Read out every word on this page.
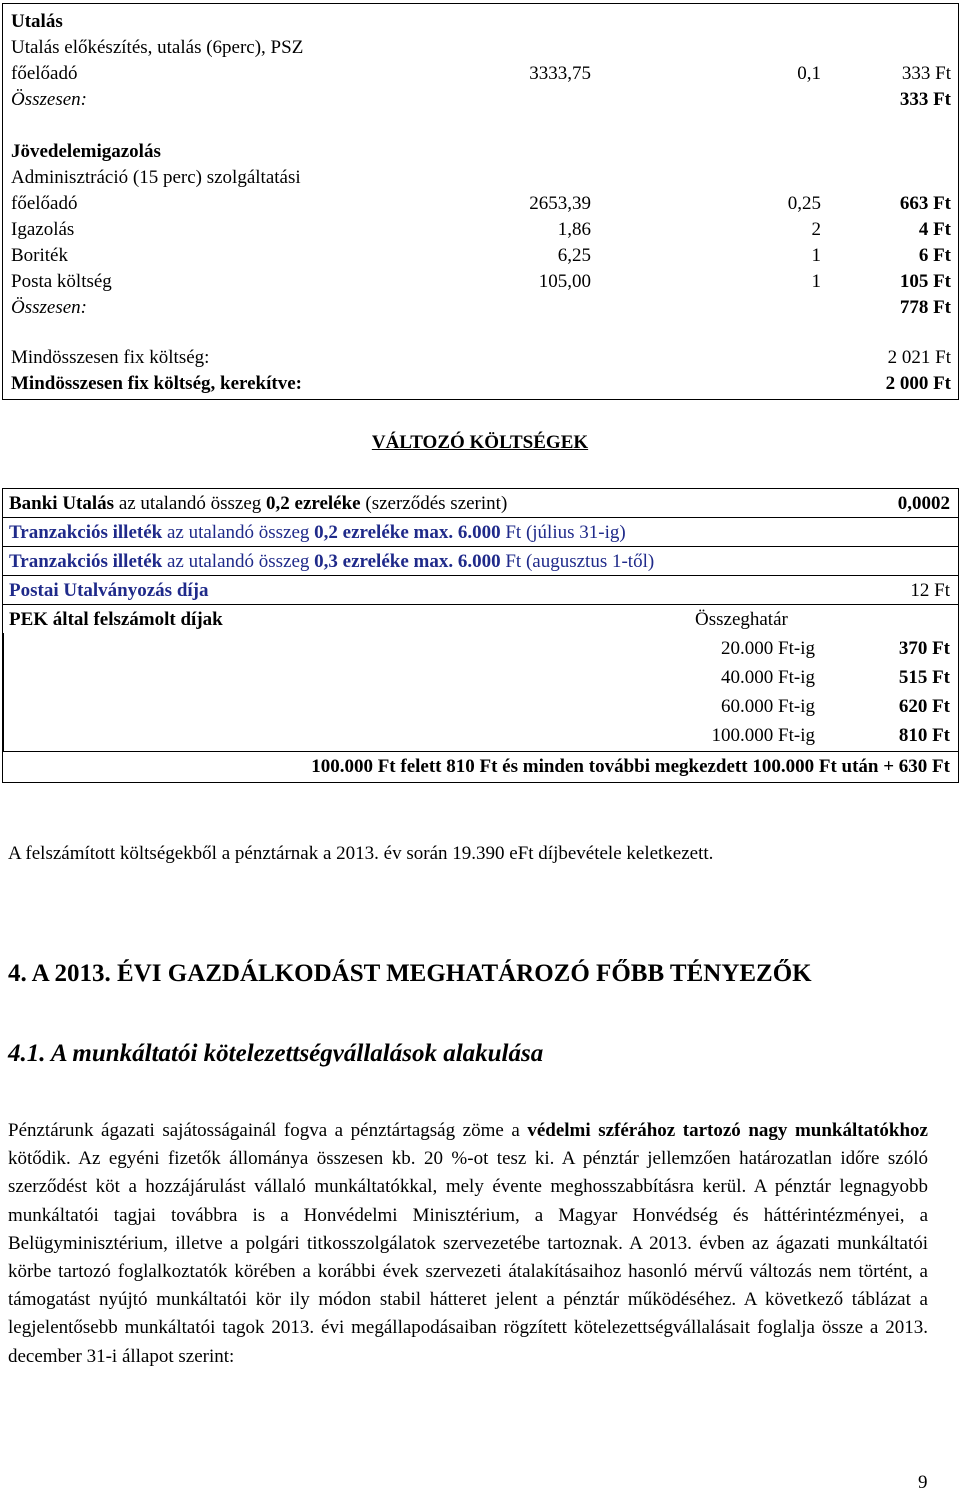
Utalás
Utalás előkészítés, utalás (6perc), PSZ
főelőadó	3333,75	0,1	333 Ft
Összesen:	333 Ft
Jövedelemigazolás
Adminisztráció (15 perc) szolgáltatási
főelőadó	2653,39	0,25	663 Ft
Igazolás	1,86	2	4 Ft
Boriték	6,25	1	6 Ft
Posta költség	105,00	1	105 Ft
Összesen:	778 Ft
Mindösszesen fix költség:	2 021 Ft
Mindösszesen fix költség, kerekítve:	2 000 Ft
VÁLTOZÓ KÖLTSÉGEK
Banki Utalás az utalandó összeg 0,2 ezreléke (szerződés szerint)	0,0002
Tranzakciós illeték az utalandó összeg 0,2 ezreléke max. 6.000 Ft (július 31-ig)
Tranzakciós illeték az utalandó összeg 0,3 ezreléke max. 6.000 Ft (augusztus 1-től)
Postai Utalványozás díja	12 Ft
PEK által felszámolt díjak	Összeghatár
20.000 Ft-ig	370 Ft
40.000 Ft-ig	515 Ft
60.000 Ft-ig	620 Ft
100.000 Ft-ig	810 Ft
100.000 Ft felett 810 Ft és minden további megkezdett 100.000 Ft után + 630 Ft
A felszámított költségekből a pénztárnak a 2013. év során 19.390 eFt díjbevétele keletkezett.
4. A 2013. ÉVI GAZDÁLKODÁST MEGHATÁROZÓ FŐBB TÉNYEZŐK
4.1. A munkáltatói kötelezettségvállalások alakulása

Pénztárunk ágazati sajátosságainál fogva a pénztártagság zöme a védelmi szférához tartozó nagy munkáltatókhoz kötődik. Az egyéni fizetők állománya összesen kb. 20 %-ot tesz ki. A pénztár jellemzően határozatlan időre szóló szerződést köt a hozzájárulást vállaló munkáltatókkal, mely évente meghosszabbításra kerül. A pénztár legnagyobb munkáltatói tagjai továbbra is a Honvédelmi Minisztérium, a Magyar Honvédség és háttérintézményei, a Belügyminisztérium, illetve a polgári titkosszolgálatok szervezetébe tartoznak. A 2013. évben az ágazati munkáltatói körbe tartozó foglalkoztatók körében a korábbi évek szervezeti átalakításaihoz hasonló mérvű változás nem történt, a támogatást nyújtó munkáltatói kör ily módon stabil hátteret jelent a pénztár működéséhez. A következő táblázat a legjelentősebb munkáltatói tagok 2013. évi megállapodásaiban rögzített kötelezettségvállalásait foglalja össze a 2013. december 31-i állapot szerint:

9
